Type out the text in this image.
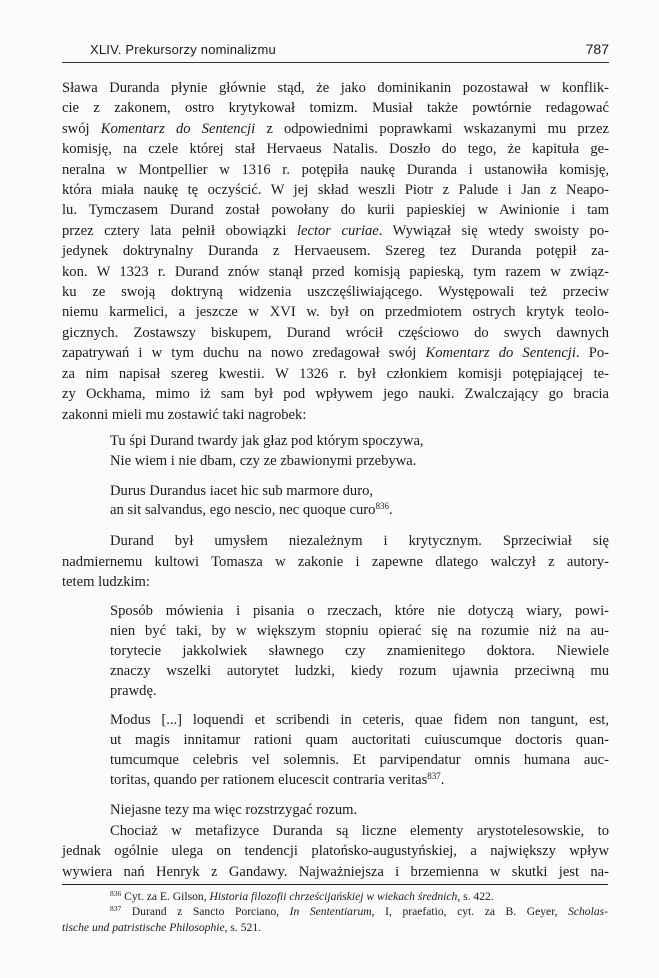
XLIV. Prekursorzy nominalizmu	787

Sława Duranda płynie głównie stąd, że jako dominikanin pozostawał w konflik-

cie z zakonem, ostro krytykował tomizm. Musiał także powtórnie redagować

swój Komentarz do Sentencji z odpowiednimi poprawkami wskazanymi mu przez

komisję, na czele której stał Hervaeus Natalis. Doszło do tego, że kapituła ge-

neralna w Montpellier w 1316 r. potępiła naukę Duranda i ustanowiła komisję,

która miała naukę tę oczyścić. W jej skład weszli Piotr z Palude i Jan z Neapo-

lu. Tymczasem Durand został powołany do kurii papieskiej w Awinionie i tam

przez cztery lata pełnił obowiązki lector curiae. Wywiązał się wtedy swoisty po-

jedynek doktrynalny Duranda z Hervaeusem. Szereg tez Duranda potępił za-

kon. W 1323 r. Durand znów stanął przed komisją papieską, tym razem w związ-

ku ze swoją doktryną widzenia uszczęśliwiającego. Występowali też przeciw

niemu karmelici, a jeszcze w XVI w. był on przedmiotem ostrych krytyk teolo-

gicznych. Zostawszy biskupem, Durand wrócił częściowo do swych dawnych

zapatrywań i w tym duchu na nowo zredagował swój Komentarz do Sentencji. Po-

za nim napisał szereg kwestii. W 1326 r. był członkiem komisji potępiającej te-

zy Ockhama, mimo iż sam był pod wpływem jego nauki. Zwalczający go bracia

zakonni mieli mu zostawić taki nagrobek:

Tu śpi Durand twardy jak głaz pod którym spoczywa,

Nie wiem i nie dbam, czy ze zbawionymi przebywa.

Durus Durandus iacet hic sub marmore duro,

an sit salvandus, ego nescio, nec quoque curo$^{836}$.

Durand był umysłem niezależnym i krytycznym. Sprzeciwiał się

nadmiernemu kultowi Tomasza w zakonie i zapewne dlatego walczył z autory-

tetem ludzkim:

Sposób mówienia i pisania o rzeczach, które nie dotyczą wiary, powi-

nien być taki, by w większym stopniu opierać się na rozumie niż na au-

torytecie jakkolwiek sławnego czy znamienitego doktora. Niewiele

znaczy wszelki autorytet ludzki, kiedy rozum ujawnia przeciwną mu

prawdę.

Modus [...] loquendi et scribendi in ceteris, quae fidem non tangunt, est,

ut magis innitamur rationi quam auctoritati cuiuscumque doctoris quan-

tumcumque celebris vel solemnis. Et parvipendatur omnis humana auc-

toritas, quando per rationem elucescit contraria veritas$^{837}$.

Niejasne tezy ma więc rozstrzygać rozum.

Chociaż w metafizyce Duranda są liczne elementy arystotelesowskie, to

jednak ogólnie ulega on tendencji platońsko-augustyńskiej, a największy wpływ

wywiera nań Henryk z Gandawy. Najważniejsza i brzemienna w skutki jest na-

$^{836}$ Cyt. za E. Gilson, Historia filozofii chrześcijańskiej w wiekach średnich, s. 422.

$^{837}$ Durand z Sancto Porciano, In Sententiarum, I, praefatio, cyt. za B. Geyer, Scholas-

tische und patristische Philosophie, s. 521.
